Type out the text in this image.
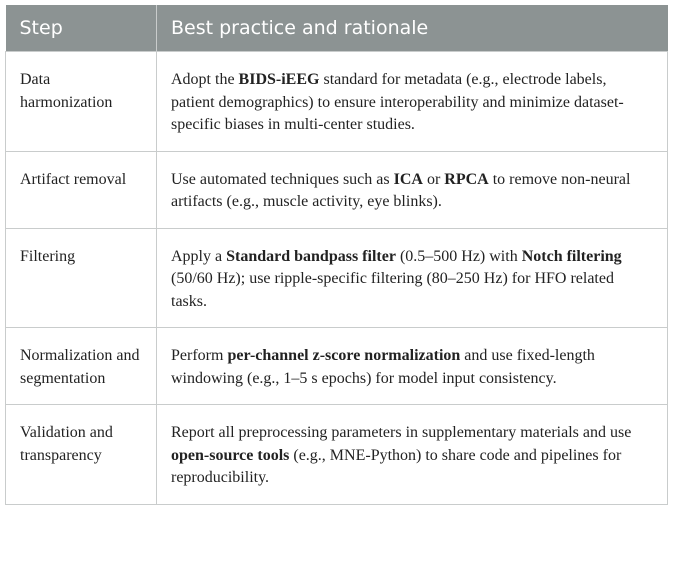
Step	Best practice and rationale
Data harmonization	Adopt the BIDS-iEEG standard for metadata (e.g., electrode labels, patient demographics) to ensure interoperability and minimize dataset-specific biases in multi-center studies.
Artifact removal	Use automated techniques such as ICA or RPCA to remove non-neural artifacts (e.g., muscle activity, eye blinks).
Filtering	Apply a Standard bandpass filter (0.5–500 Hz) with Notch filtering (50/60 Hz); use ripple-specific filtering (80–250 Hz) for HFO related tasks.
Normalization and segmentation	Perform per-channel z-score normalization and use fixed-length windowing (e.g., 1–5 s epochs) for model input consistency.
Validation and transparency	Report all preprocessing parameters in supplementary materials and use open-source tools (e.g., MNE-Python) to share code and pipelines for reproducibility.
